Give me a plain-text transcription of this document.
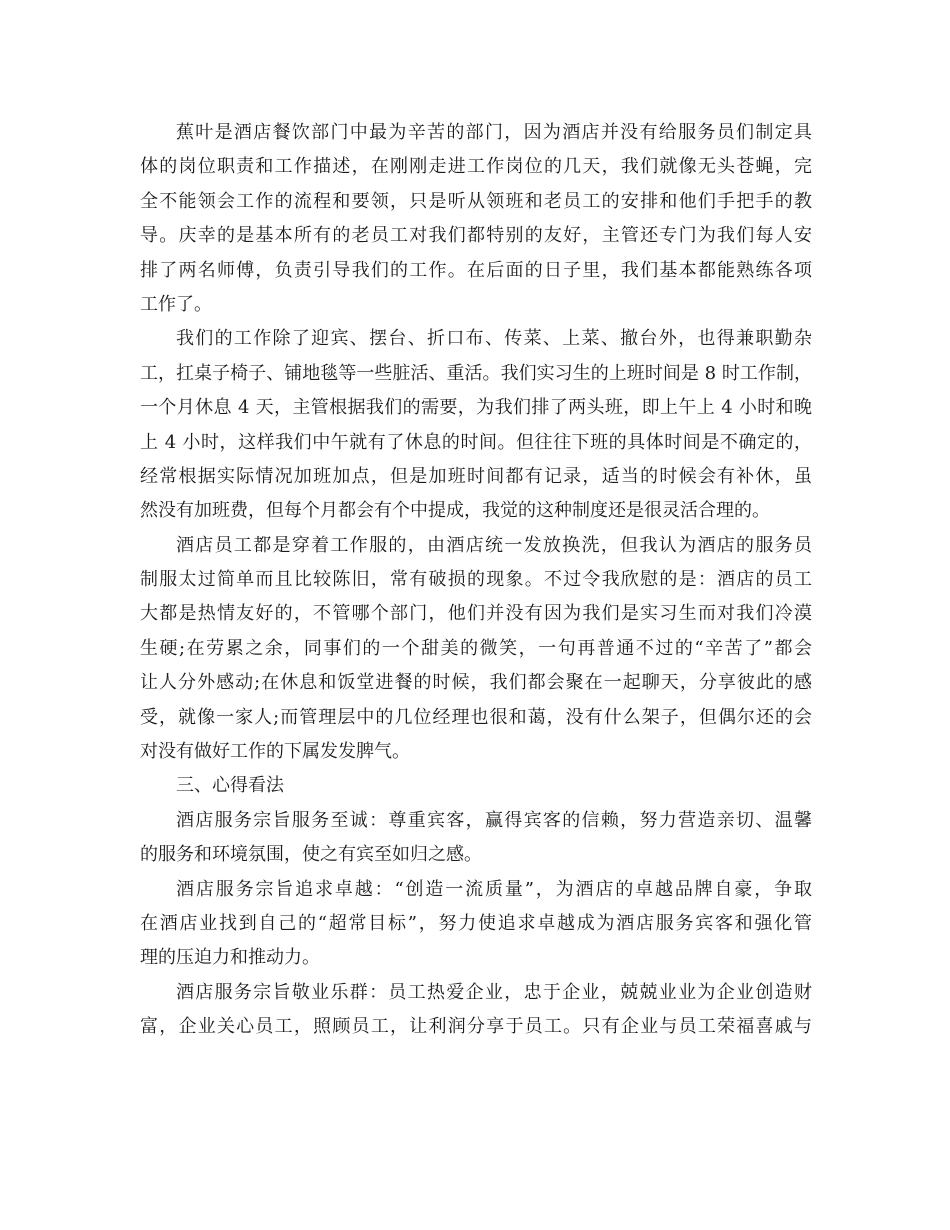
蕉叶是酒店餐饮部门中最为辛苦的部门，因为酒店并没有给服务员们制定具
体的岗位职责和工作描述，在刚刚走进工作岗位的几天，我们就像无头苍蝇，完
全不能领会工作的流程和要领，只是听从领班和老员工的安排和他们手把手的教
导。庆幸的是基本所有的老员工对我们都特别的友好，主管还专门为我们每人安
排了两名师傅，负责引导我们的工作。在后面的日子里，我们基本都能熟练各项
工作了。
我们的工作除了迎宾、摆台、折口布、传菜、上菜、撤台外，也得兼职勤杂
工，扛桌子椅子、铺地毯等一些脏活、重活。我们实习生的上班时间是 8 时工作制，
一个月休息 4 天，主管根据我们的需要，为我们排了两头班，即上午上 4 小时和晚
上 4 小时，这样我们中午就有了休息的时间。但往往下班的具体时间是不确定的，
经常根据实际情况加班加点，但是加班时间都有记录，适当的时候会有补休，虽
然没有加班费，但每个月都会有个中提成，我觉的这种制度还是很灵活合理的。
酒店员工都是穿着工作服的，由酒店统一发放换洗，但我认为酒店的服务员
制服太过简单而且比较陈旧，常有破损的现象。不过令我欣慰的是：酒店的员工
大都是热情友好的，不管哪个部门，他们并没有因为我们是实习生而对我们冷漠
生硬;在劳累之余，同事们的一个甜美的微笑，一句再普通不过的“辛苦了”都会
让人分外感动;在休息和饭堂进餐的时候，我们都会聚在一起聊天，分享彼此的感
受，就像一家人;而管理层中的几位经理也很和蔼，没有什么架子，但偶尔还的会
对没有做好工作的下属发发脾气。
三、心得看法
酒店服务宗旨服务至诚：尊重宾客，赢得宾客的信赖，努力营造亲切、温馨
的服务和环境氛围，使之有宾至如归之感。
酒店服务宗旨追求卓越：“创造一流质量”，为酒店的卓越品牌自豪，争取
在酒店业找到自己的“超常目标”，努力使追求卓越成为酒店服务宾客和强化管
理的压迫力和推动力。
酒店服务宗旨敬业乐群：员工热爱企业，忠于企业，兢兢业业为企业创造财
富，企业关心员工，照顾员工，让利润分享于员工。只有企业与员工荣福喜戚与
